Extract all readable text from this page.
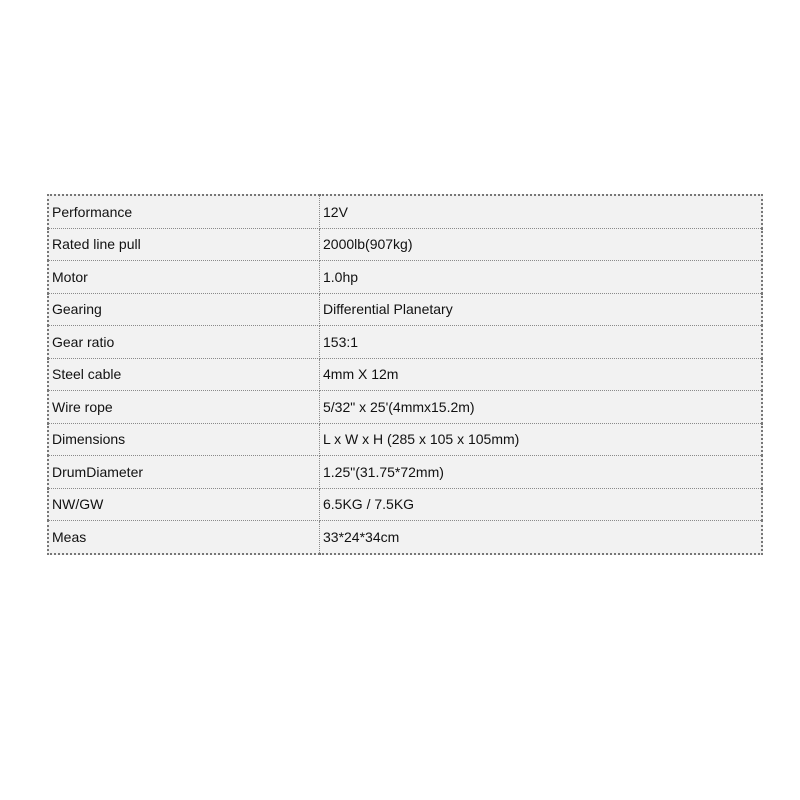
Performance	12V
Rated line pull	2000lb(907kg)
Motor	1.0hp
Gearing	Differential Planetary
Gear ratio	153:1
Steel cable	4mm X 12m
Wire rope	5/32" x 25'(4mmx15.2m)
Dimensions	L x W x H (285 x 105 x 105mm)
DrumDiameter	1.25"(31.75*72mm)
NW/GW	6.5KG / 7.5KG
Meas	33*24*34cm
